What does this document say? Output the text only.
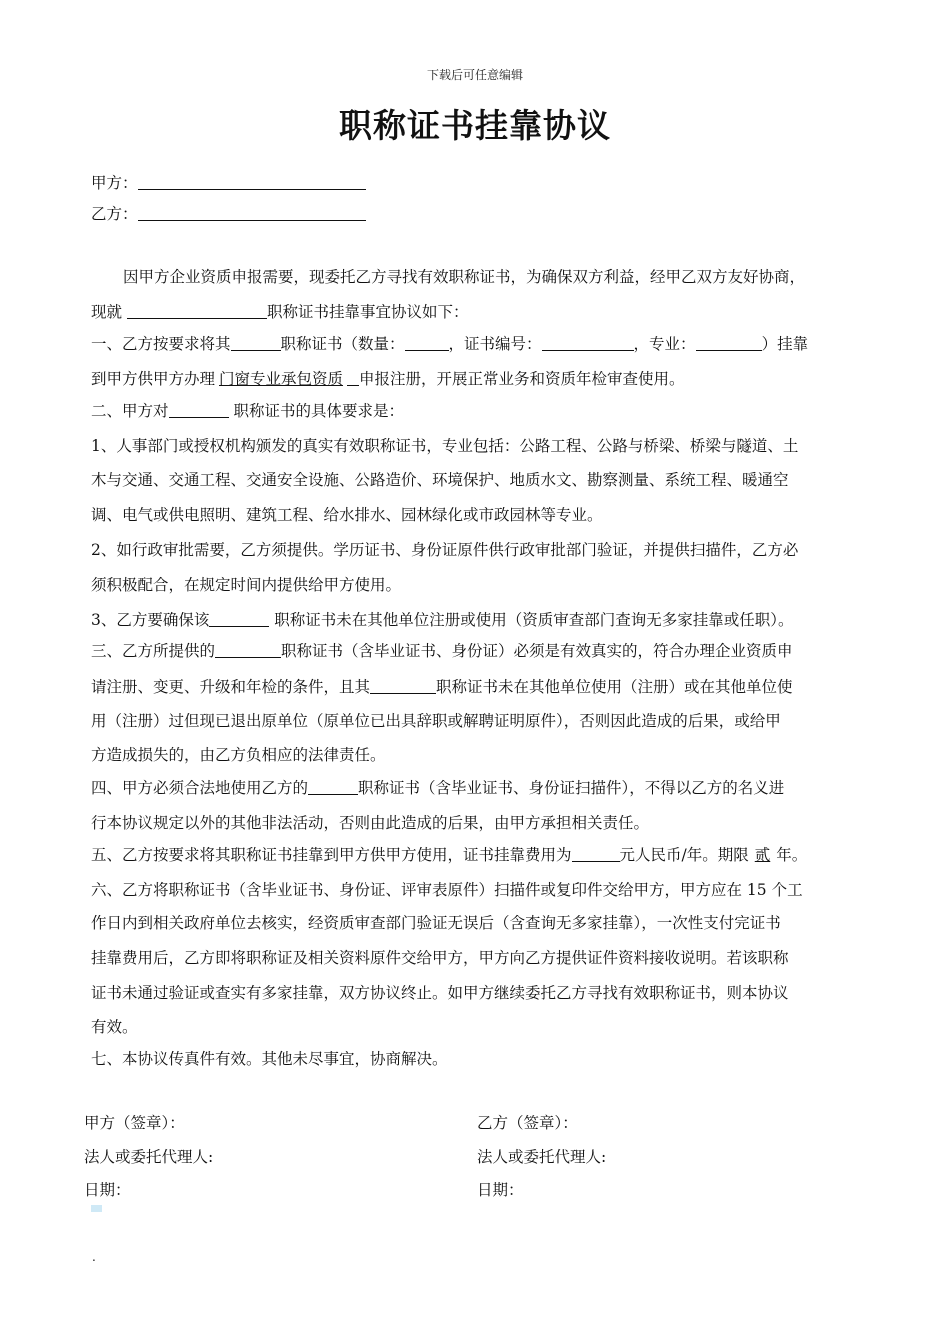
下载后可任意编辑
职称证书挂靠协议
甲方：
乙方：
因甲方企业资质申报需要，现委托乙方寻找有效职称证书，为确保双方利益，经甲乙双方友好协商，
现就	职称证书挂靠事宜协议如下：
一、乙方按要求将其	职称证书（数量：	，证书编号：	，专业：	）挂靠
到甲方供甲方办理 门窗专业承包资质 申报注册，开展正常业务和资质年检审查使用。
二、甲方对	职称证书的具体要求是：
1、人事部门或授权机构颁发的真实有效职称证书，专业包括：公路工程、公路与桥梁、桥梁与隧道、土
木与交通、交通工程、交通安全设施、公路造价、环境保护、地质水文、勘察测量、系统工程、暖通空
调、电气或供电照明、建筑工程、给水排水、园林绿化或市政园林等专业。
2、如行政审批需要，乙方须提供。学历证书、身份证原件供行政审批部门验证，并提供扫描件，乙方必
须积极配合，在规定时间内提供给甲方使用。
3、乙方要确保该	职称证书未在其他单位注册或使用（资质审查部门查询无多家挂靠或任职）。
三、乙方所提供的	职称证书（含毕业证书、身份证）必须是有效真实的，符合办理企业资质申
请注册、变更、升级和年检的条件，且其	职称证书未在其他单位使用（注册）或在其他单位使
用（注册）过但现已退出原单位（原单位已出具辞职或解聘证明原件），否则因此造成的后果，或给甲
方造成损失的，由乙方负相应的法律责任。
四、甲方必须合法地使用乙方的	职称证书（含毕业证书、身份证扫描件），不得以乙方的名义进
行本协议规定以外的其他非法活动，否则由此造成的后果，由甲方承担相关责任。
五、乙方按要求将其职称证书挂靠到甲方供甲方使用，证书挂靠费用为	元人民币/年。期限 贰 年。
六、乙方将职称证书（含毕业证书、身份证、评审表原件）扫描件或复印件交给甲方，甲方应在 15 个工
作日内到相关政府单位去核实，经资质审查部门验证无误后（含查询无多家挂靠），一次性支付完证书
挂靠费用后，乙方即将职称证及相关资料原件交给甲方，甲方向乙方提供证件资料接收说明。若该职称
证书未通过验证或查实有多家挂靠，双方协议终止。如甲方继续委托乙方寻找有效职称证书，则本协议
有效。
七、本协议传真件有效。其他未尽事宜，协商解决。
甲方（签章）：	乙方（签章）：
法人或委托代理人:	法人或委托代理人:
日期：	日期：
.
